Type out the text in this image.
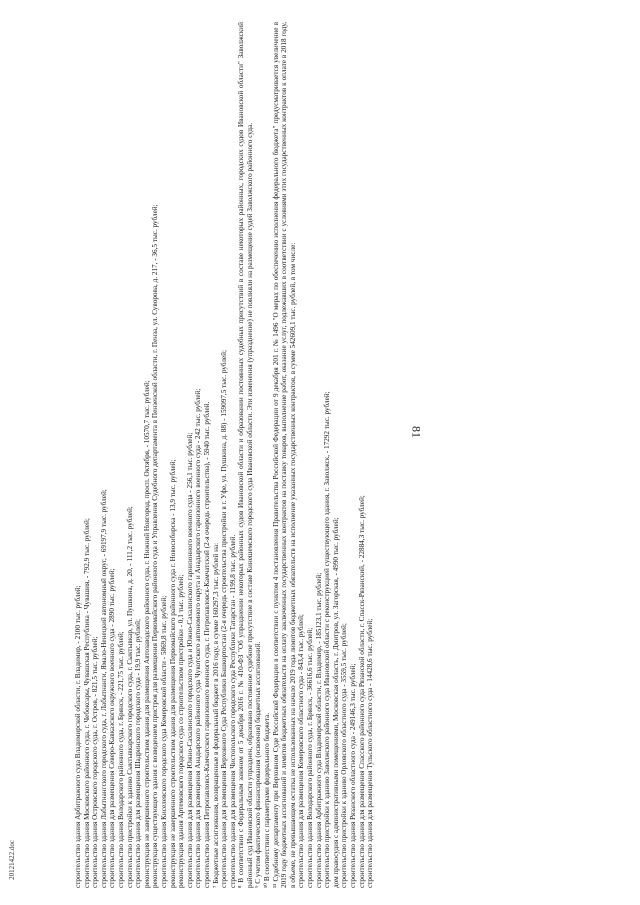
81
20121422.doc	строительство здания Арбитражного суда Владимирской области, г. Владимир, - 2100 тыс. рублей; строительство здания Московского районного суда, г. Чебоксары, Чувашская Республика - Чувашия, - 792,9 тыс. рублей; строительство здания Островского городского суда, г. Остров, - 821,5 тыс. рублей; строительство здания Лабытнангского городского суда, г. Лабытнанги, Ямало-Ненецкий автономный округ, - 69197,9 тыс. рублей; строительство здания для размещения Северо-Кавказского окружного военного суда - 2890 тыс. рублей; строительство здания Володарского районного суда, г. Брянск, - 221,75 тыс. рублей; строительство пристройки к зданию Сыктывкарского городского суда, г. Сыктывкар, ул. Пушкина, д. 20, - 111,2 тыс. рублей; строительство здания для размещения Шадринского городского суда - 19,9 тыс. рублей; реконструкция не завершенного строительством здания для размещения Автозаводского районного суда, г. Нижний Новгород, просп. Октября, - 10570,7 тыс. рублей; реконструкция существующего здания с возведением пристроя для размещения Первомайского районного суда и Управления Судебного департамента в Пензенской области, г. Пенза, ул. Суворова, д. 217, - 36,5 тыс. рублей; строительство здания Киселевского городского суда Кемеровской области - 5869,8 тыс. рублей; реконструкция не завершенного строительством здания для размещения Первомайского районного суда г. Новосибирска - 13,9 тыс. рублей; реконструкция здания Артемовского городского суда со строительством пристройки - 0,1 тыс. рублей; строительство здания для размещения Южно-Сахалинского городского суда и Южно-Сахалинского гарнизонного военного суда - 256,1 тыс. рублей; строительство здания для размещения Анадырского районного суда Чукотского автономного округа и Анадырского гарнизонного военного суда - 242 тыс. рублей; строительство здания Петропавловск-Камчатского гарнизонного военного суда, г. Петропавловск-Камчатский (2-я очередь строительства), - 5940 тыс. рублей. ⁷ Бюджетные ассигнования, возвращенные в федеральный бюджет в 2016 году, в сумме 160297,3 тыс. рублей на: строительство здания для размещения Верховного Суда Республики Башкортостан (2-я очередь строительства пристройки в г. Уфе, ул. Пушкина, д. 88) - 159097,5 тыс. рублей; строительство здания для размещения Чистопольского городского суда Республики Татарстан - 1199,8 тыс. рублей. ⁸ В соответствии с Федеральным законом от 5 декабря 2016 г. № 410-ФЗ "Об упразднении некоторых районных судов Ивановской области и образовании постоянных судебных присутствий в составе некоторых районных, городских судов Ивановской области" Заволжский районный суд Ивановской области упразднен, образовано постоянное судебное присутствие в составе Кинешемского городского суда Ивановской области. Эти изменения (упразднение) не повлияли на размещение судей Заволжского районного суда. ⁹ С учетом фактического финансирования (освоения) бюджетных ассигнований. ¹⁰ В соответствии с параметрами федерального бюджета. ¹¹ Судебному департаменту при Верховном Суде Российской Федерации в соответствии с пунктом 4 постановления Правительства Российской Федерации от 9 декабря 201 г. № 1496 "О мерах по обеспечению исполнения федерального бюджета" предусматривается увеличение в 2019 году бюджетных ассигнований и лимитов бюджетных обязательств на оплату заключенных государственных контрактов на поставку товаров, выполнение работ, оказание услуг, подлежавших в соответствии с условиями этих государственных контрактов к оплате в 2018 году, в объеме, не превышающем остатка не использованных на начало 2019 года лимитов бюджетных обязательств на исполнение указанных государственных контрактов, в сумме 542609,1 тыс. рублей, в том числе: строительство здания для размещения Кемеровского областного суда - 843,4 тыс. рублей; строительство здания Володарского районного суда, г. Брянск, - 36616,6 тыс. рублей; строительство здания Арбитражного суда Владимирской области, г. Владимир, - 185123,1 тыс. рублей; строительство пристройки к зданию Заволжского районного суда Ивановской области с реконструкцией существующего здания, г. Заволжск, - 17292 тыс. рублей; дом правосудия с административными помещениями, Московская область, г. Дмитров, ул. Загорская, - 4990 тыс. рублей; строительство пристройки к зданию Орловского областного суда - 3559,5 тыс. рублей; строительство здания Рязанского областного суда - 249146,3 тыс. рублей; строительство здания для размещения Спасского районного суда Рязанской области, г. Спасск-Рязанский, - 22884,3 тыс. рублей; строительство здания для размещения Тульского областного суда - 14428,6 тыс. рублей;
